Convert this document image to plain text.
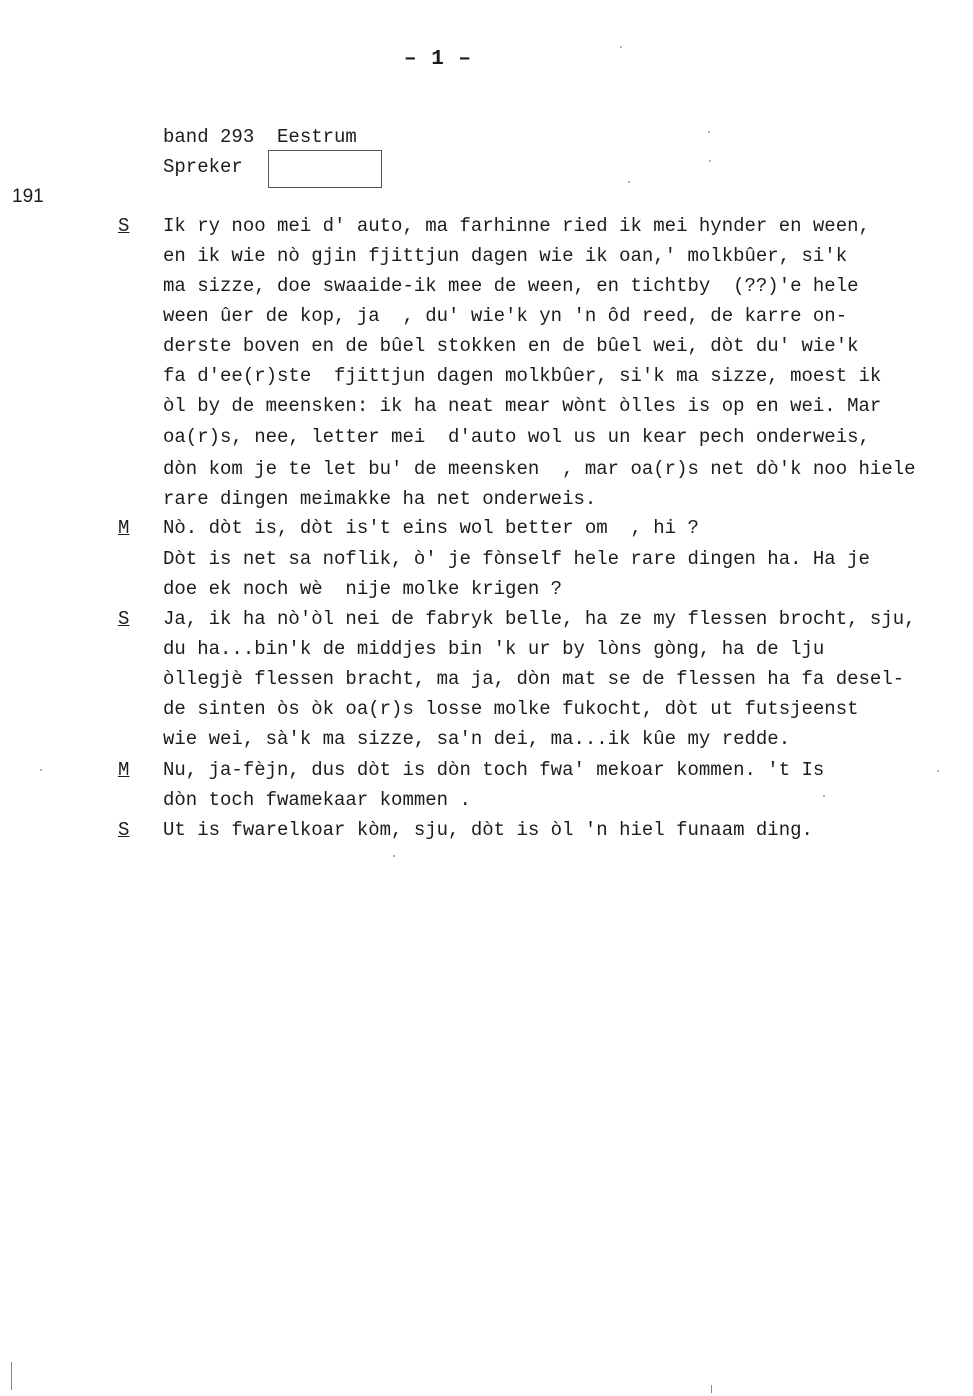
– 1 –
191
band 293  Eestrum
Spreker
S Ik ry noo mei d' auto, ma farhinne ried ik mei hynder en ween,
en ik wie nò gjin fjittjun dagen wie ik oan,' molkbûer, si'k
ma sizze, doe swaaide-ik mee de ween, en tichtby  (??)'e hele
ween ûer de kop, ja  , du' wie'k yn 'n ôd reed, de karre on-
derste boven en de bûel stokken en de bûel wei, dòt du' wie'k
fa d'ee(r)ste  fjittjun dagen molkbûer, si'k ma sizze, moest ik
òl by de meensken: ik ha neat mear wònt òlles is op en wei. Mar
oa(r)s, nee, letter mei  d'auto wol us un kear pech onderweis,
dòn kom je te let bu' de meensken  , mar oa(r)s net dò'k noo hiele
rare dingen meimakke ha net onderweis.
M Nò. dòt is, dòt is't eins wol better om  , hi ?
Dòt is net sa noflik, ò' je fònself hele rare dingen ha. Ha je
doe ek noch wè  nije molke krigen ?
S Ja, ik ha nò'òl nei de fabryk belle, ha ze my flessen brocht, sju,
du ha...bin'k de middjes bin 'k ur by lòns gòng, ha de lju
òllegjè flessen bracht, ma ja, dòn mat se de flessen ha fa desel-
de sinten òs òk oa(r)s losse molke fukocht, dòt ut futsjeenst
wie wei, sà'k ma sizze, sa'n dei, ma...ik kûe my redde.
M Nu, ja-fèjn, dus dòt is dòn toch fwa' mekoar kommen. 't Is
dòn toch fwamekaar kommen .
S Ut is fwarelkoar kòm, sju, dòt is òl 'n hiel funaam ding.
